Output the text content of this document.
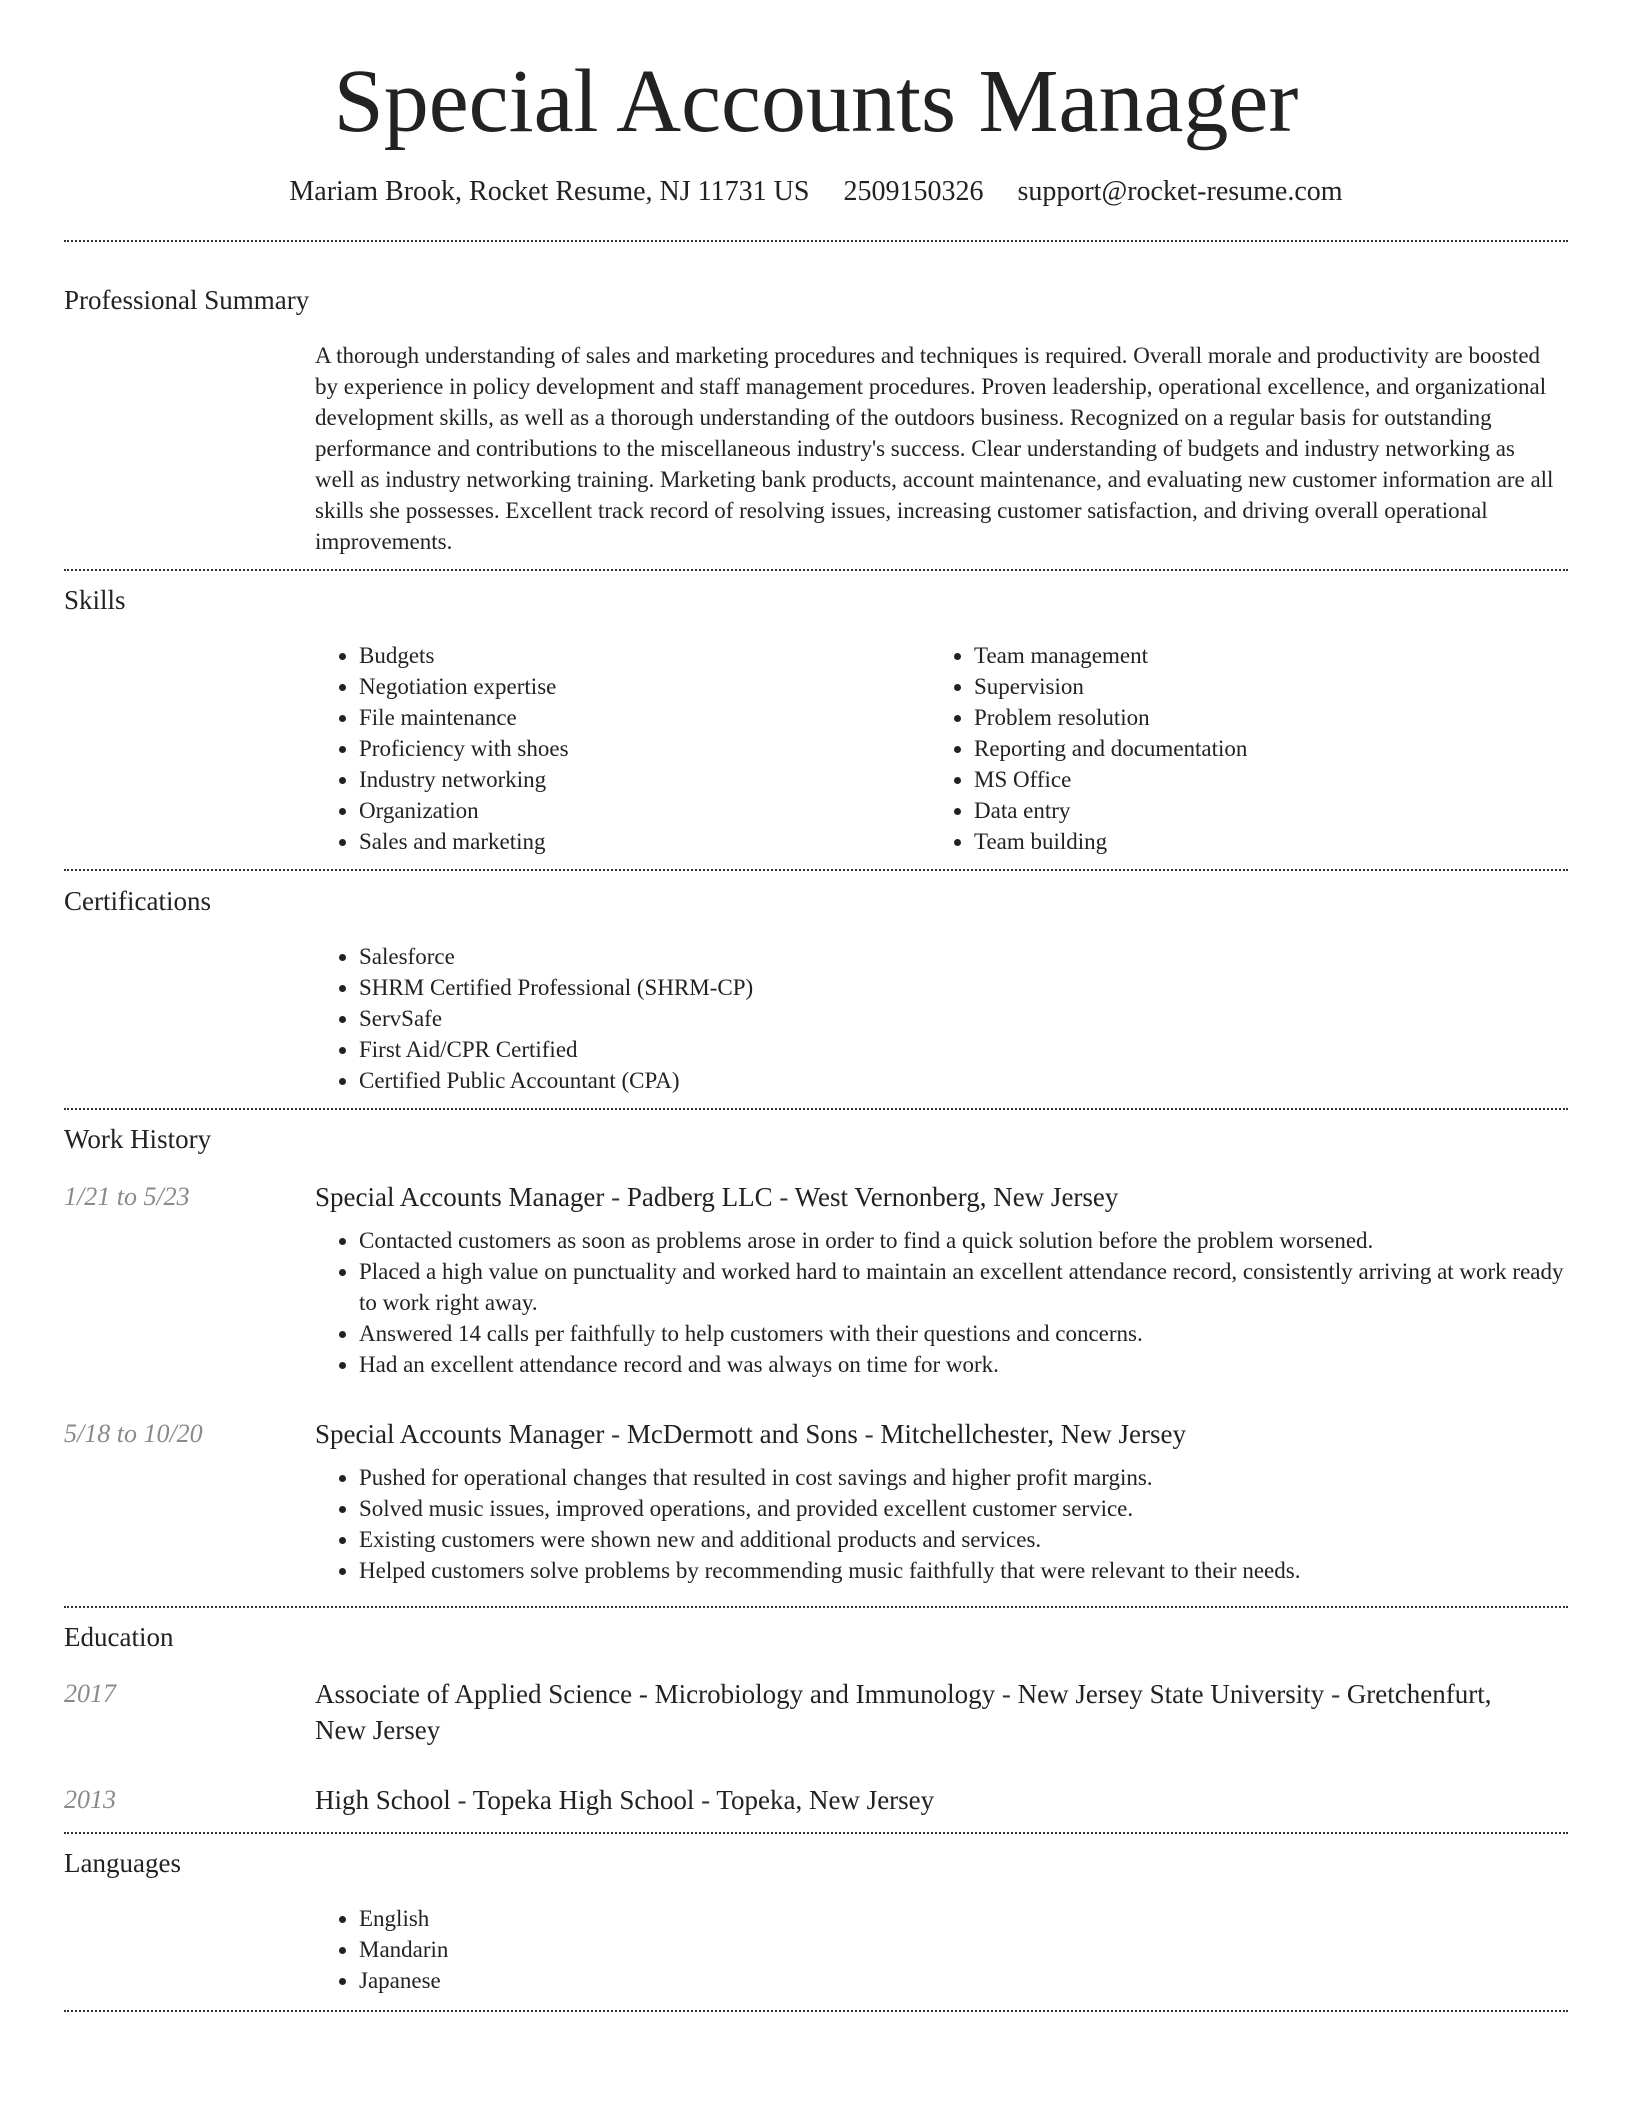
Special Accounts Manager
Mariam Brook, Rocket Resume, NJ 11731 US 2509150326 support@rocket-resume.com
Professional Summary

A thorough understanding of sales and marketing procedures and techniques is required. Overall morale and productivity are boosted by experience in policy development and staff management procedures. Proven leadership, operational excellence, and organizational development skills, as well as a thorough understanding of the outdoors business. Recognized on a regular basis for outstanding performance and contributions to the miscellaneous industry's success. Clear understanding of budgets and industry networking as well as industry networking training. Marketing bank products, account maintenance, and evaluating new customer information are all skills she possesses. Excellent track record of resolving issues, increasing customer satisfaction, and driving overall operational improvements.

Skills
• Budgets
• Negotiation expertise
• File maintenance
• Proficiency with shoes
• Industry networking
• Organization
• Sales and marketing
• Team management
• Supervision
• Problem resolution
• Reporting and documentation
• MS Office
• Data entry
• Team building
Certifications
• Salesforce
• SHRM Certified Professional (SHRM-CP)
• ServSafe
• First Aid/CPR Certified
• Certified Public Accountant (CPA)
Work History
1/21 to 5/23	Special Accounts Manager - Padberg LLC - West Vernonberg, New Jersey
• Contacted customers as soon as problems arose in order to find a quick solution before the problem worsened.
• Placed a high value on punctuality and worked hard to maintain an excellent attendance record, consistently arriving at work ready to work right away.
• Answered 14 calls per faithfully to help customers with their questions and concerns.
• Had an excellent attendance record and was always on time for work.
5/18 to 10/20	Special Accounts Manager - McDermott and Sons - Mitchellchester, New Jersey
• Pushed for operational changes that resulted in cost savings and higher profit margins.
• Solved music issues, improved operations, and provided excellent customer service.
• Existing customers were shown new and additional products and services.
• Helped customers solve problems by recommending music faithfully that were relevant to their needs.
Education
2017	Associate of Applied Science - Microbiology and Immunology - New Jersey State University - Gretchenfurt, New Jersey
2013	High School - Topeka High School - Topeka, New Jersey
Languages
• English
• Mandarin
• Japanese
